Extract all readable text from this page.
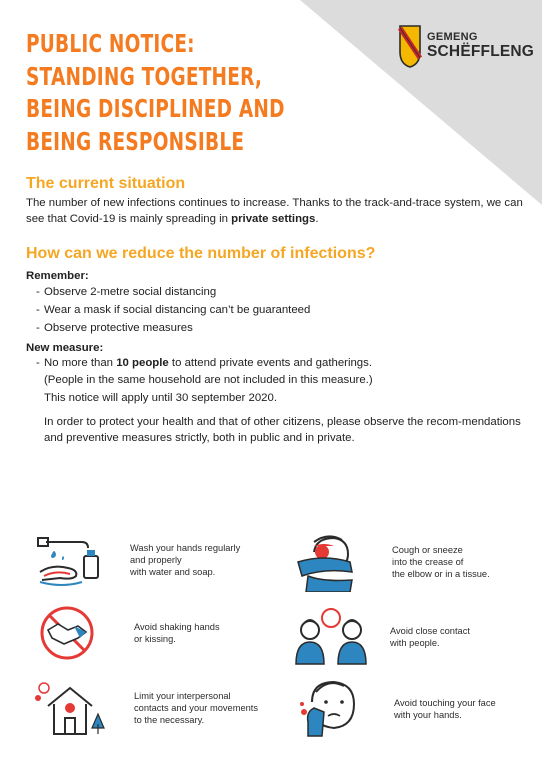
GEMENG
SCHËFFLENG
PUBLIC NOTICE:
STANDING TOGETHER,
BEING DISCIPLINED AND
BEING RESPONSIBLE
The current situation

The number of new infections continues to increase. Thanks to the track-and-trace system, we can see that Covid-19 is mainly spreading in private settings.

How can we reduce the number of infections?
Remember:
- Observe 2-metre social distancing
- Wear a mask if social distancing can’t be guaranteed
- Observe protective measures
New measure:
- No more than 10 people to attend private events and gatherings.
(People in the same household are not included in this measure.)

This notice will apply until 30 september 2020.

In order to protect your health and that of other citizens, please observe the recom-mendations and preventive measures strictly, both in public and in private.

Wash your hands regularly
and properly
with water and soap.
Cough or sneeze
into the crease of
the elbow or in a tissue.
Avoid shaking hands
or kissing.
Avoid close contact
with people.
Limit your interpersonal
contacts and your movements
to the necessary.
Avoid touching your face
with your hands.
